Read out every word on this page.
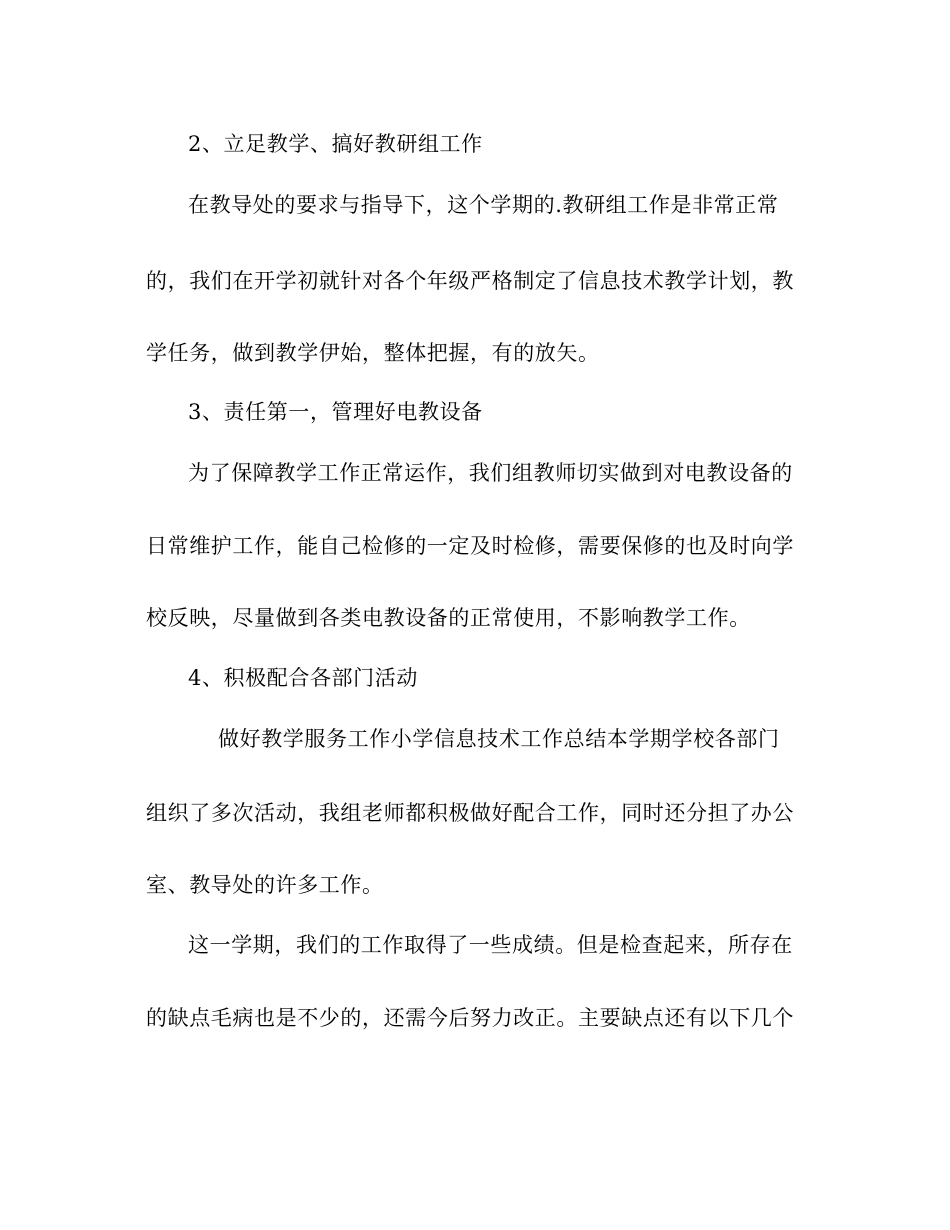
2、立足教学、搞好教研组工作
在教导处的要求与指导下，这个学期的.教研组工作是非常正常
的，我们在开学初就针对各个年级严格制定了信息技术教学计划，教
学任务，做到教学伊始，整体把握，有的放矢。
3、责任第一，管理好电教设备
为了保障教学工作正常运作，我们组教师切实做到对电教设备的
日常维护工作，能自己检修的一定及时检修，需要保修的也及时向学
校反映，尽量做到各类电教设备的正常使用，不影响教学工作。
4、积极配合各部门活动
做好教学服务工作小学信息技术工作总结本学期学校各部门
组织了多次活动，我组老师都积极做好配合工作，同时还分担了办公
室、教导处的许多工作。
这一学期，我们的工作取得了一些成绩。但是检查起来，所存在
的缺点毛病也是不少的，还需今后努力改正。主要缺点还有以下几个
